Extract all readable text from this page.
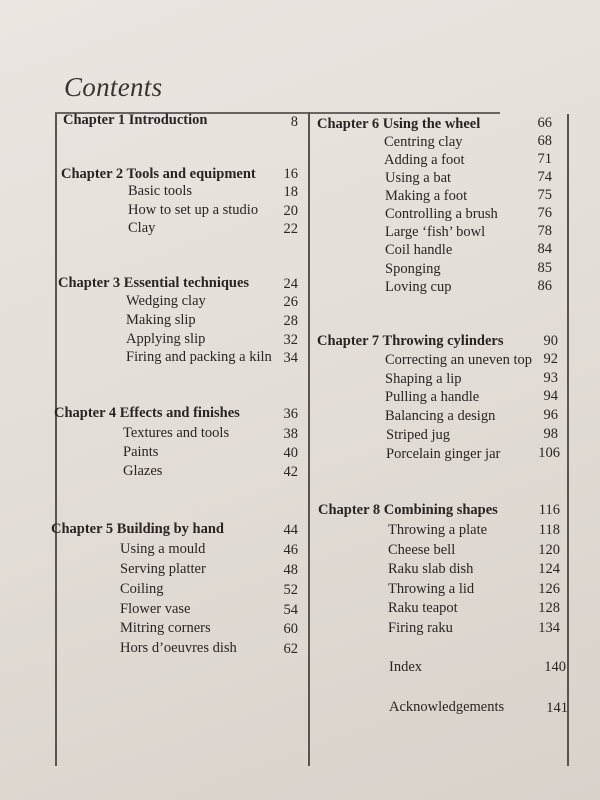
Contents
Chapter 1 Introduction	8
Chapter 2 Tools and equipment	16
Basic tools	18
How to set up a studio	20
Clay	22
Chapter 3 Essential techniques	24
Wedging clay	26
Making slip	28
Applying slip	32
Firing and packing a kiln 34
Chapter 4 Effects and finishes	36
Textures and tools	38
Paints	40
Glazes	42
Chapter 5 Building by hand	44
Using a mould	46
Serving platter	48
Coiling	52
Flower vase	54
Mitring corners	60
Hors d’oeuvres dish	62
Chapter 6 Using the wheel	66
Centring clay	68
Adding a foot	71
Using a bat	74
Making a foot	75
Controlling a brush	76
Large ‘fish’ bowl	78
Coil handle	84
Sponging	85
Loving cup	86
Chapter 7 Throwing cylinders	90
Correcting an uneven top 92
Shaping a lip	93
Pulling a handle	94
Balancing a design	96
Striped jug	98
Porcelain ginger jar	106
Chapter 8 Combining shapes	116
Throwing a plate	118
Cheese bell	120
Raku slab dish	124
Throwing a lid	126
Raku teapot	128
Firing raku	134
Index	140
Acknowledgements	141
